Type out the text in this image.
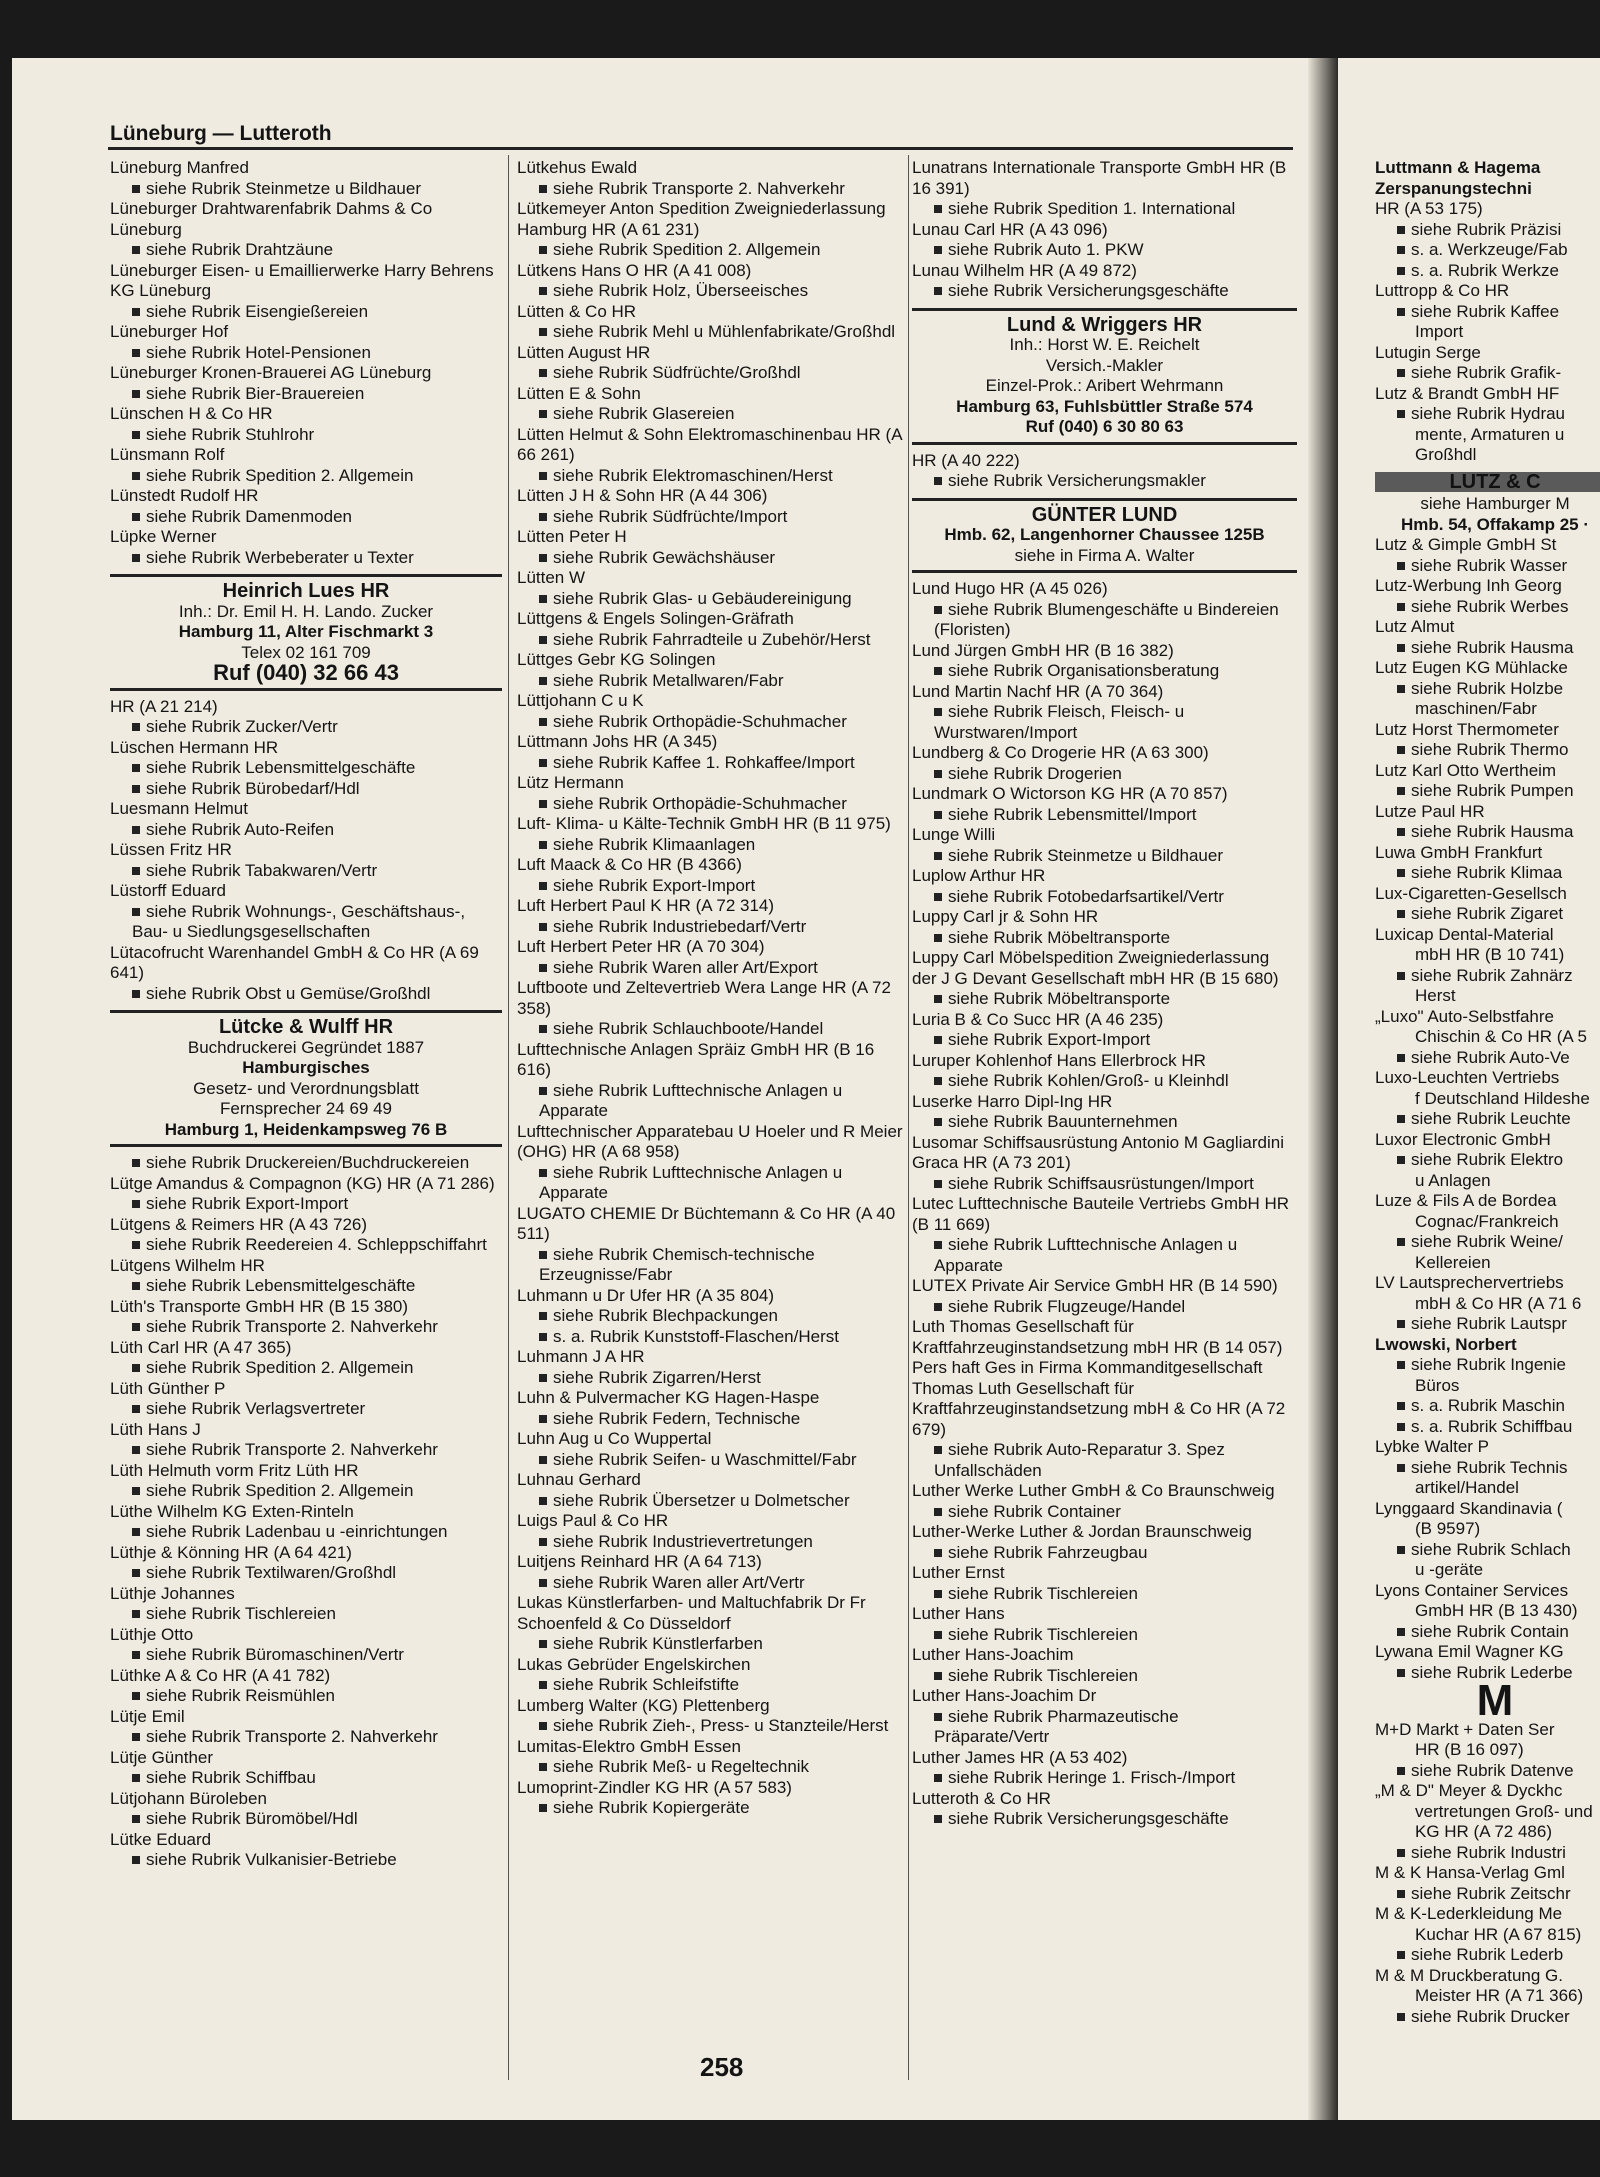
Lüneburg — Lutteroth
Lüneburg Manfred
siehe Rubrik Steinmetze u Bildhauer
Lüneburger Drahtwarenfabrik Dahms & Co Lüneburg
siehe Rubrik Drahtzäune
Lüneburger Eisen- u Emaillierwerke Harry Behrens KG Lüneburg
siehe Rubrik Eisengießereien
Lüneburger Hof
siehe Rubrik Hotel-Pensionen
Lüneburger Kronen-Brauerei AG Lüneburg
siehe Rubrik Bier-Brauereien
Lünschen H & Co HR
siehe Rubrik Stuhlrohr
Lünsmann Rolf
siehe Rubrik Spedition 2. Allgemein
Lünstedt Rudolf HR
siehe Rubrik Damenmoden
Lüpke Werner
siehe Rubrik Werbeberater u Texter
Heinrich Lues HR
Inh.: Dr. Emil H. H. Lando. Zucker
Hamburg 11, Alter Fischmarkt 3
Telex 02 161 709
Ruf (040) 32 66 43
HR (A 21 214)
siehe Rubrik Zucker/Vertr
Lüschen Hermann HR
siehe Rubrik Lebensmittelgeschäfte
siehe Rubrik Bürobedarf/Hdl
Luesmann Helmut
siehe Rubrik Auto-Reifen
Lüssen Fritz HR
siehe Rubrik Tabakwaren/Vertr
Lüstorff Eduard
siehe Rubrik Wohnungs-, Geschäftshaus-, Bau- u Siedlungsgesellschaften
Lütacofrucht Warenhandel GmbH & Co HR (A 69 641)
siehe Rubrik Obst u Gemüse/Großhdl
Lütcke & Wulff HR
Buchdruckerei Gegründet 1887
Hamburgisches
Gesetz- und Verordnungsblatt
Fernsprecher 24 69 49
Hamburg 1, Heidenkampsweg 76 B
siehe Rubrik Druckereien/Buchdruckereien
Lütge Amandus & Compagnon (KG) HR (A 71 286)
siehe Rubrik Export-Import
Lütgens & Reimers HR (A 43 726)
siehe Rubrik Reedereien 4. Schleppschiffahrt
Lütgens Wilhelm HR
siehe Rubrik Lebensmittelgeschäfte
Lüth's Transporte GmbH HR (B 15 380)
siehe Rubrik Transporte 2. Nahverkehr
Lüth Carl HR (A 47 365)
siehe Rubrik Spedition 2. Allgemein
Lüth Günther P
siehe Rubrik Verlagsvertreter
Lüth Hans J
siehe Rubrik Transporte 2. Nahverkehr
Lüth Helmuth vorm Fritz Lüth HR
siehe Rubrik Spedition 2. Allgemein
Lüthe Wilhelm KG Exten-Rinteln
siehe Rubrik Ladenbau u -einrichtungen
Lüthje & Könning HR (A 64 421)
siehe Rubrik Textilwaren/Großhdl
Lüthje Johannes
siehe Rubrik Tischlereien
Lüthje Otto
siehe Rubrik Büromaschinen/Vertr
Lüthke A & Co HR (A 41 782)
siehe Rubrik Reismühlen
Lütje Emil
siehe Rubrik Transporte 2. Nahverkehr
Lütje Günther
siehe Rubrik Schiffbau
Lütjohann Büroleben
siehe Rubrik Büromöbel/Hdl
Lütke Eduard
siehe Rubrik Vulkanisier-Betriebe
Lütkehus Ewald
siehe Rubrik Transporte 2. Nahverkehr
Lütkemeyer Anton Spedition Zweigniederlassung Hamburg HR (A 61 231)
siehe Rubrik Spedition 2. Allgemein
Lütkens Hans O HR (A 41 008)
siehe Rubrik Holz, Überseeisches
Lütten & Co HR
siehe Rubrik Mehl u Mühlenfabrikate/Großhdl
Lütten August HR
siehe Rubrik Südfrüchte/Großhdl
Lütten E & Sohn
siehe Rubrik Glasereien
Lütten Helmut & Sohn Elektromaschinenbau HR (A 66 261)
siehe Rubrik Elektromaschinen/Herst
Lütten J H & Sohn HR (A 44 306)
siehe Rubrik Südfrüchte/Import
Lütten Peter H
siehe Rubrik Gewächshäuser
Lütten W
siehe Rubrik Glas- u Gebäudereinigung
Lüttgens & Engels Solingen-Gräfrath
siehe Rubrik Fahrradteile u Zubehör/Herst
Lüttges Gebr KG Solingen
siehe Rubrik Metallwaren/Fabr
Lüttjohann C u K
siehe Rubrik Orthopädie-Schuhmacher
Lüttmann Johs HR (A 345)
siehe Rubrik Kaffee 1. Rohkaffee/Import
Lütz Hermann
siehe Rubrik Orthopädie-Schuhmacher
Luft- Klima- u Kälte-Technik GmbH HR (B 11 975)
siehe Rubrik Klimaanlagen
Luft Maack & Co HR (B 4366)
siehe Rubrik Export-Import
Luft Herbert Paul K HR (A 72 314)
siehe Rubrik Industriebedarf/Vertr
Luft Herbert Peter HR (A 70 304)
siehe Rubrik Waren aller Art/Export
Luftboote und Zeltevertrieb Wera Lange HR (A 72 358)
siehe Rubrik Schlauchboote/Handel
Lufttechnische Anlagen Spräiz GmbH HR (B 16 616)
siehe Rubrik Lufttechnische Anlagen u Apparate
Lufttechnischer Apparatebau U Hoeler und R Meier (OHG) HR (A 68 958)
siehe Rubrik Lufttechnische Anlagen u Apparate
LUGATO CHEMIE Dr Büchtemann & Co HR (A 40 511)
siehe Rubrik Chemisch-technische Erzeugnisse/Fabr
Luhmann u Dr Ufer HR (A 35 804)
siehe Rubrik Blechpackungen
s. a. Rubrik Kunststoff-Flaschen/Herst
Luhmann J A HR
siehe Rubrik Zigarren/Herst
Luhn & Pulvermacher KG Hagen-Haspe
siehe Rubrik Federn, Technische
Luhn Aug u Co Wuppertal
siehe Rubrik Seifen- u Waschmittel/Fabr
Luhnau Gerhard
siehe Rubrik Übersetzer u Dolmetscher
Luigs Paul & Co HR
siehe Rubrik Industrievertretungen
Luitjens Reinhard HR (A 64 713)
siehe Rubrik Waren aller Art/Vertr
Lukas Künstlerfarben- und Maltuchfabrik Dr Fr Schoenfeld & Co Düsseldorf
siehe Rubrik Künstlerfarben
Lukas Gebrüder Engelskirchen
siehe Rubrik Schleifstifte
Lumberg Walter (KG) Plettenberg
siehe Rubrik Zieh-, Press- u Stanzteile/Herst
Lumitas-Elektro GmbH Essen
siehe Rubrik Meß- u Regeltechnik
Lumoprint-Zindler KG HR (A 57 583)
siehe Rubrik Kopiergeräte
Lunatrans Internationale Transporte GmbH HR (B 16 391)
siehe Rubrik Spedition 1. International
Lunau Carl HR (A 43 096)
siehe Rubrik Auto 1. PKW
Lunau Wilhelm HR (A 49 872)
siehe Rubrik Versicherungsgeschäfte
Lund & Wriggers HR
Inh.: Horst W. E. Reichelt
Versich.-Makler
Einzel-Prok.: Aribert Wehrmann
Hamburg 63, Fuhlsbüttler Straße 574
Ruf (040) 6 30 80 63
HR (A 40 222)
siehe Rubrik Versicherungsmakler
GÜNTER LUND
Hmb. 62, Langenhorner Chaussee 125B
siehe in Firma A. Walter
Lund Hugo HR (A 45 026)
siehe Rubrik Blumengeschäfte u Bindereien (Floristen)
Lund Jürgen GmbH HR (B 16 382)
siehe Rubrik Organisationsberatung
Lund Martin Nachf HR (A 70 364)
siehe Rubrik Fleisch, Fleisch- u Wurstwaren/Import
Lundberg & Co Drogerie HR (A 63 300)
siehe Rubrik Drogerien
Lundmark O Wictorson KG HR (A 70 857)
siehe Rubrik Lebensmittel/Import
Lunge Willi
siehe Rubrik Steinmetze u Bildhauer
Luplow Arthur HR
siehe Rubrik Fotobedarfsartikel/Vertr
Luppy Carl jr & Sohn HR
siehe Rubrik Möbeltransporte
Luppy Carl Möbelspedition Zweigniederlassung der J G Devant Gesellschaft mbH HR (B 15 680)
siehe Rubrik Möbeltransporte
Luria B & Co Succ HR (A 46 235)
siehe Rubrik Export-Import
Luruper Kohlenhof Hans Ellerbrock HR
siehe Rubrik Kohlen/Groß- u Kleinhdl
Luserke Harro Dipl-Ing HR
siehe Rubrik Bauunternehmen
Lusomar Schiffsausrüstung Antonio M Gagliardini Graca HR (A 73 201)
siehe Rubrik Schiffsausrüstungen/Import
Lutec Lufttechnische Bauteile Vertriebs GmbH HR (B 11 669)
siehe Rubrik Lufttechnische Anlagen u Apparate
LUTEX Private Air Service GmbH HR (B 14 590)
siehe Rubrik Flugzeuge/Handel
Luth Thomas Gesellschaft für Kraftfahrzeuginstandsetzung mbH HR (B 14 057) Pers haft Ges in Firma Kommanditgesellschaft Thomas Luth Gesellschaft für Kraftfahrzeuginstandsetzung mbH & Co HR (A 72 679)
siehe Rubrik Auto-Reparatur 3. Spez Unfallschäden
Luther Werke Luther GmbH & Co Braunschweig
siehe Rubrik Container
Luther-Werke Luther & Jordan Braunschweig
siehe Rubrik Fahrzeugbau
Luther Ernst
siehe Rubrik Tischlereien
Luther Hans
siehe Rubrik Tischlereien
Luther Hans-Joachim
siehe Rubrik Tischlereien
Luther Hans-Joachim Dr
siehe Rubrik Pharmazeutische Präparate/Vertr
Luther James HR (A 53 402)
siehe Rubrik Heringe 1. Frisch-/Import
Lutteroth & Co HR
siehe Rubrik Versicherungsgeschäfte
Luttmann & Hagema
Zerspanungstechni
HR (A 53 175)
siehe Rubrik Präzisi
s. a. Werkzeuge/Fab
s. a. Rubrik Werkze
Luttropp & Co HR
siehe Rubrik Kaffee
Import
Lutugin Serge
siehe Rubrik Grafik-
Lutz & Brandt GmbH HF
siehe Rubrik Hydrau
mente, Armaturen u
Großhdl
LUTZ & C
siehe Hamburger M
Hmb. 54, Offakamp 25 ·
Lutz & Gimple GmbH St
siehe Rubrik Wasser
Lutz-Werbung Inh Georg
siehe Rubrik Werbes
Lutz Almut
siehe Rubrik Hausma
Lutz Eugen KG Mühlacke
siehe Rubrik Holzbe
maschinen/Fabr
Lutz Horst Thermometer
siehe Rubrik Thermo
Lutz Karl Otto Wertheim
siehe Rubrik Pumpen
Lutze Paul HR
siehe Rubrik Hausma
Luwa GmbH Frankfurt
siehe Rubrik Klimaa
Lux-Cigaretten-Gesellsch
siehe Rubrik Zigaret
Luxicap Dental-Material
mbH HR (B 10 741)
siehe Rubrik Zahnärz
Herst
„Luxo" Auto-Selbstfahre
Chischin & Co HR (A 5
siehe Rubrik Auto-Ve
Luxo-Leuchten Vertriebs
f Deutschland Hildeshe
siehe Rubrik Leuchte
Luxor Electronic GmbH
siehe Rubrik Elektro
u Anlagen
Luze & Fils A de Bordea
Cognac/Frankreich
siehe Rubrik Weine/
Kellereien
LV Lautsprechervertriebs
mbH & Co HR (A 71 6
siehe Rubrik Lautspr
Lwowski, Norbert
siehe Rubrik Ingenie
Büros
s. a. Rubrik Maschin
s. a. Rubrik Schiffbau
Lybke Walter P
siehe Rubrik Technis
artikel/Handel
Lynggaard Skandinavia (
(B 9597)
siehe Rubrik Schlach
u -geräte
Lyons Container Services
GmbH HR (B 13 430)
siehe Rubrik Contain
Lywana Emil Wagner KG
siehe Rubrik Lederbe
M
M+D Markt + Daten Ser
HR (B 16 097)
siehe Rubrik Datenve
„M & D" Meyer & Dyckhc
vertretungen Groß- und
KG HR (A 72 486)
siehe Rubrik Industri
M & K Hansa-Verlag Gml
siehe Rubrik Zeitschr
M & K-Lederkleidung Me
Kuchar HR (A 67 815)
siehe Rubrik Lederb
M & M Druckberatung G.
Meister HR (A 71 366)
siehe Rubrik Drucker
258
